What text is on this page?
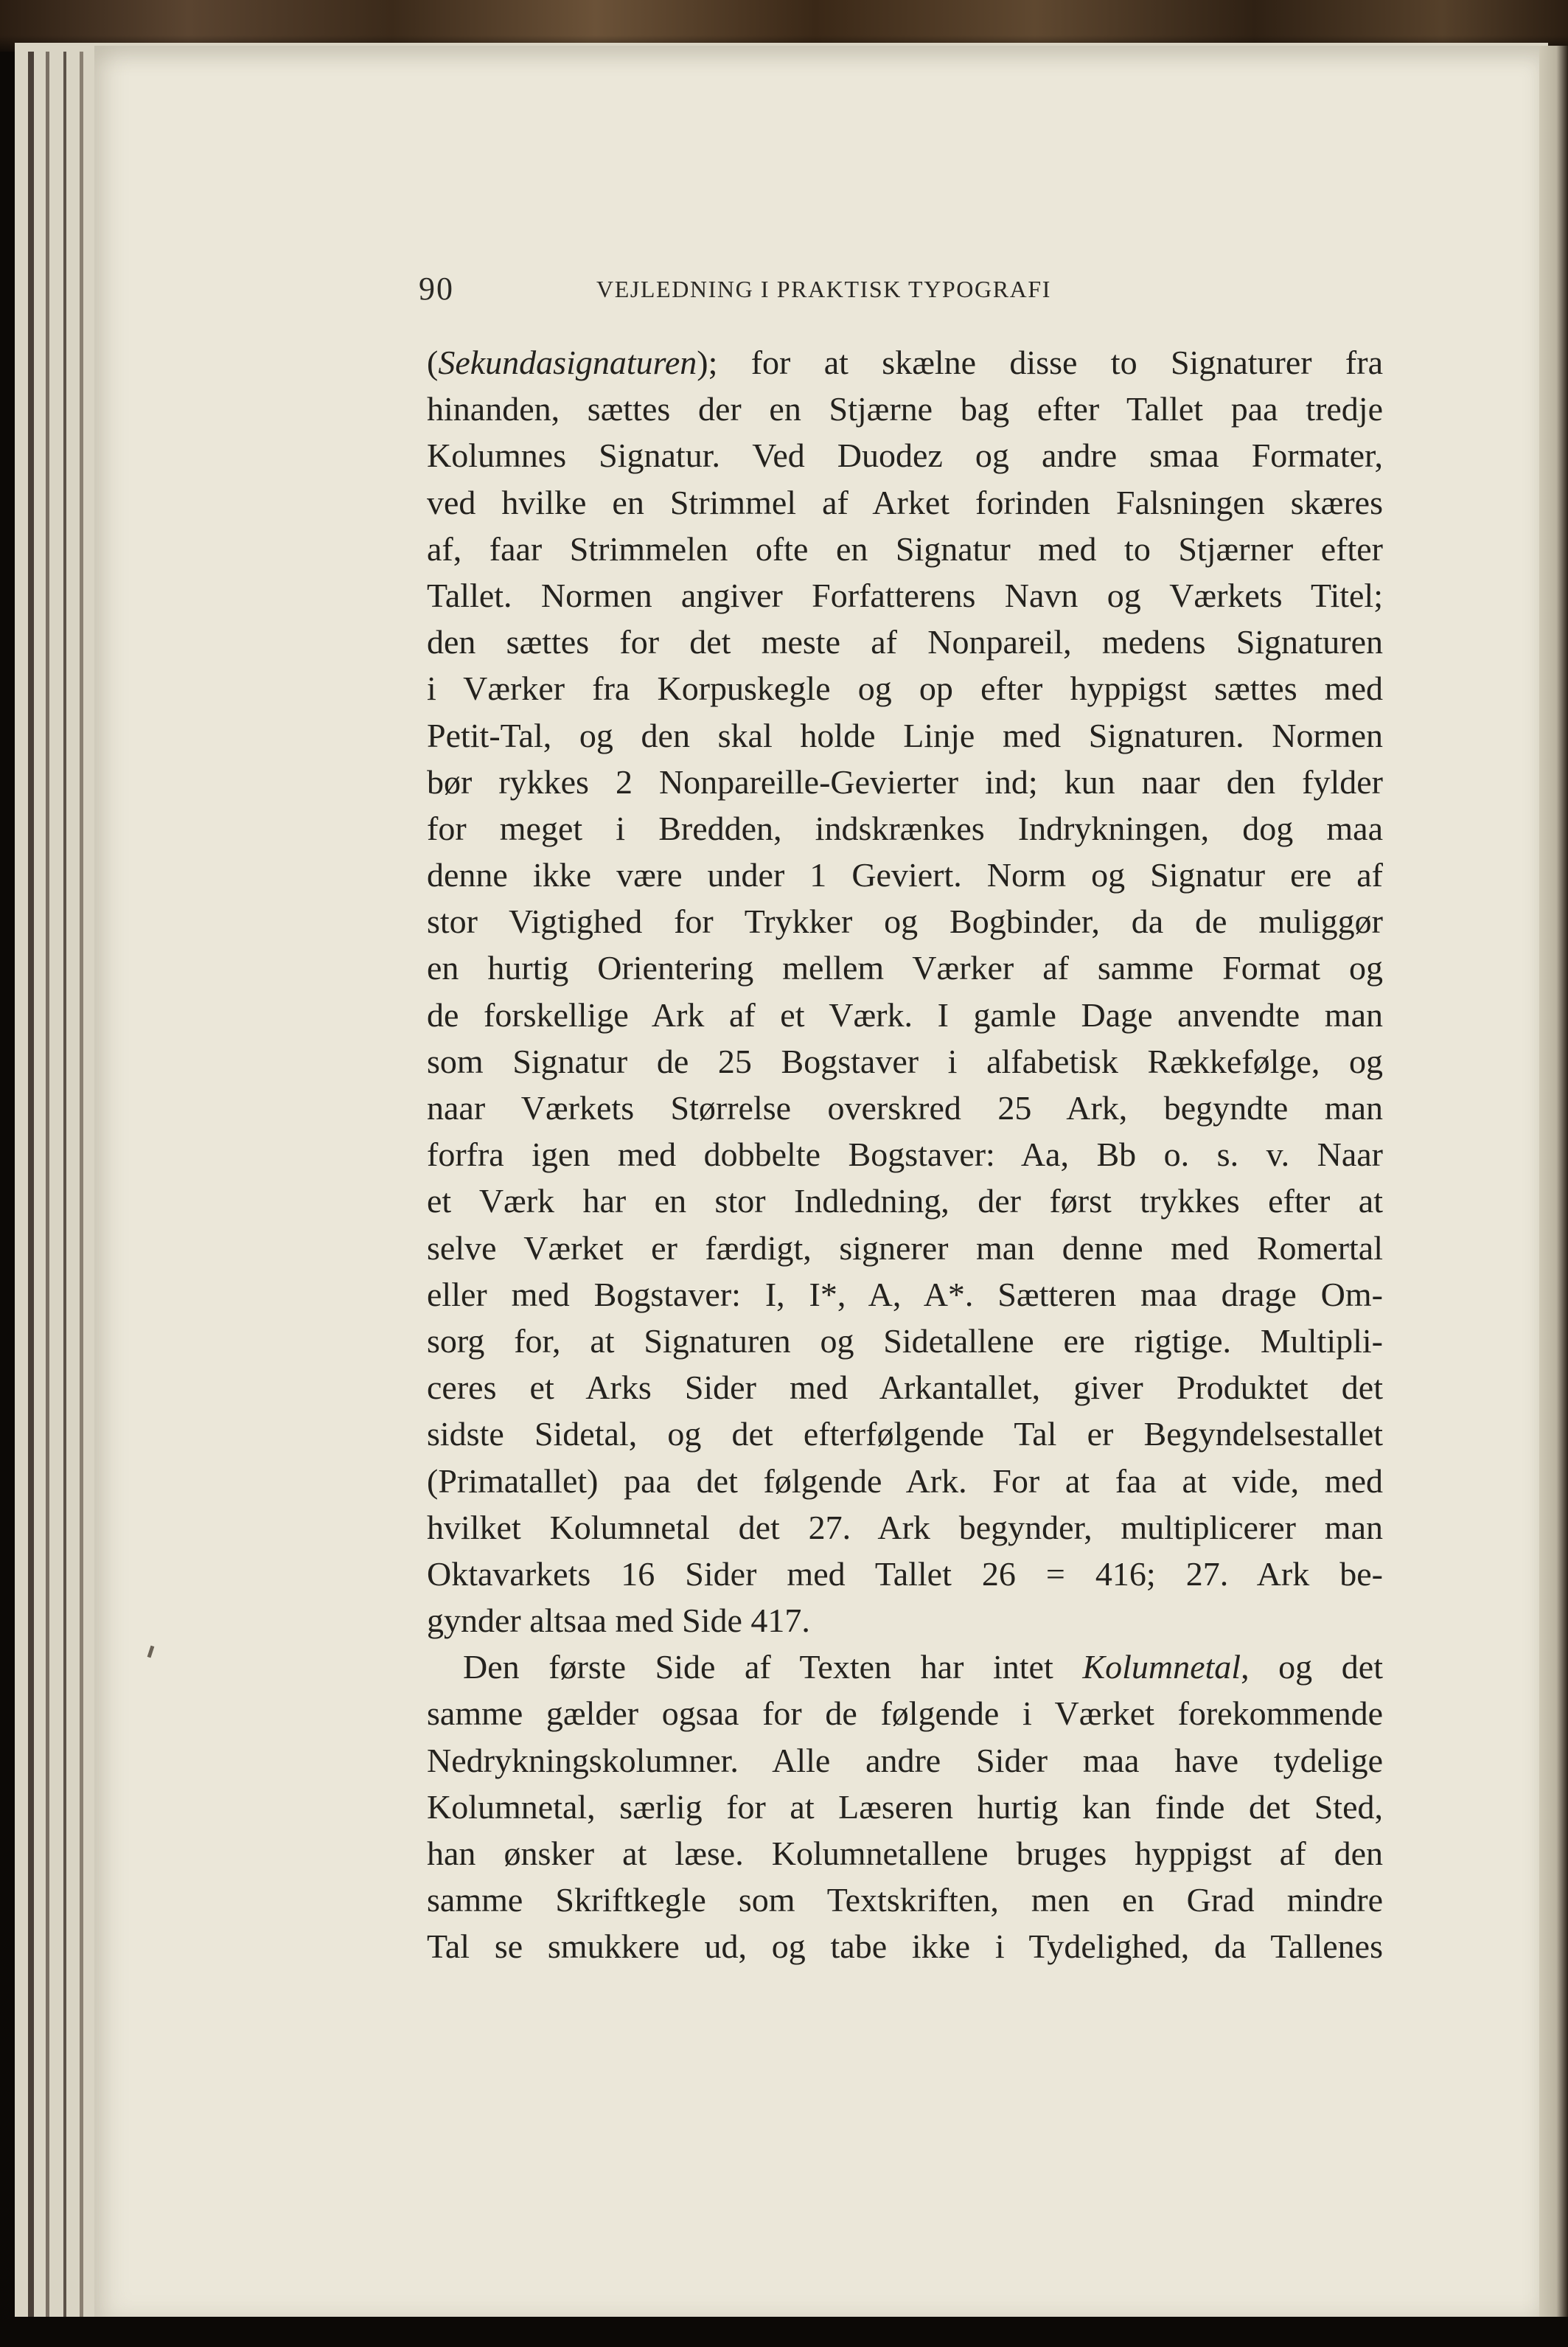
90	VEJLEDNING I PRAKTISK TYPOGRAFI
(Sekundasignaturen); for at skælne disse to Signaturer fra
hinanden, sættes der en Stjærne bag efter Tallet paa tredje
Kolumnes Signatur. Ved Duodez og andre smaa Formater,
ved hvilke en Strimmel af Arket forinden Falsningen skæres
af, faar Strimmelen ofte en Signatur med to Stjærner efter
Tallet. Normen angiver Forfatterens Navn og Værkets Titel;
den sættes for det meste af Nonpareil, medens Signaturen
i Værker fra Korpuskegle og op efter hyppigst sættes med
Petit-Tal, og den skal holde Linje med Signaturen. Normen
bør rykkes 2 Nonpareille-Gevierter ind; kun naar den fylder
for meget i Bredden, indskrænkes Indrykningen, dog maa
denne ikke være under 1 Geviert. Norm og Signatur ere af
stor Vigtighed for Trykker og Bogbinder, da de muliggør
en hurtig Orientering mellem Værker af samme Format og
de forskellige Ark af et Værk. I gamle Dage anvendte man
som Signatur de 25 Bogstaver i alfabetisk Rækkefølge, og
naar Værkets Størrelse overskred 25 Ark, begyndte man
forfra igen med dobbelte Bogstaver: Aa, Bb o. s. v. Naar
et Værk har en stor Indledning, der først trykkes efter at
selve Værket er færdigt, signerer man denne med Romertal
eller med Bogstaver: I, I*, A, A*. Sætteren maa drage Om-
sorg for, at Signaturen og Sidetallene ere rigtige. Multipli-
ceres et Arks Sider med Arkantallet, giver Produktet det
sidste Sidetal, og det efterfølgende Tal er Begyndelsestallet
(Primatallet) paa det følgende Ark. For at faa at vide, med
hvilket Kolumnetal det 27. Ark begynder, multiplicerer man
Oktavarkets 16 Sider med Tallet 26 = 416; 27. Ark be-
gynder altsaa med Side 417.
Den første Side af Texten har intet Kolumnetal, og det
samme gælder ogsaa for de følgende i Værket forekommende
Nedrykningskolumner. Alle andre Sider maa have tydelige
Kolumnetal, særlig for at Læseren hurtig kan finde det Sted,
han ønsker at læse. Kolumnetallene bruges hyppigst af den
samme Skriftkegle som Textskriften, men en Grad mindre
Tal se smukkere ud, og tabe ikke i Tydelighed, da Tallenes
